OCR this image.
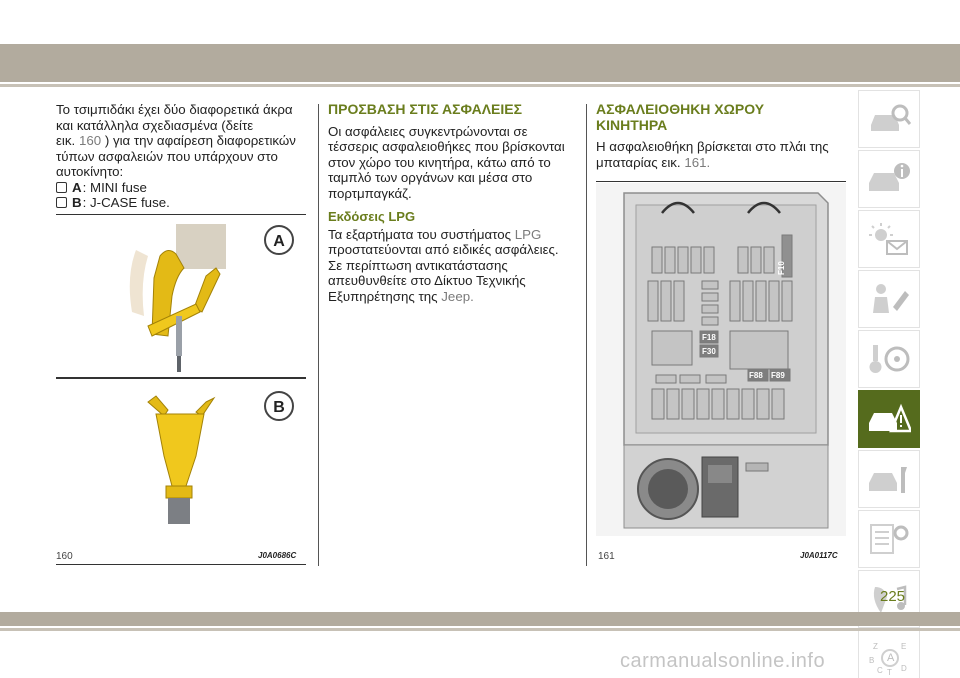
Το τσιμπιδάκι έχει δύο διαφορετικά άκρα
και κατάλληλα σχεδιασμένα (δείτε
εικ. 160 ) για την αφαίρεση διαφορετικών
τύπων ασφαλειών που υπάρχουν στο
αυτοκίνητο:
A : MINI fuse
B : J-CASE fuse.
A
B
160	J0A0686C
ΠΡΟΣΒΑΣΗ ΣΤΙΣ ΑΣΦΑΛΕΙΕΣ
Οι ασφάλειες συγκεντρώνονται σε
τέσσερις ασφαλειοθήκες που βρίσκονται
στον χώρο του κινητήρα, κάτω από το
ταμπλό των οργάνων και μέσα στο
πορτμπαγκάζ.
Εκδόσεις LPG
Τα εξαρτήματα του συστήματος LPG
προστατεύονται από ειδικές ασφάλειες.
Σε περίπτωση αντικατάστασης
απευθυνθείτε στο Δίκτυο Τεχνικής
Εξυπηρέτησης της Jeep.
ΑΣΦΑΛΕΙΟΘΗΚΗ ΧΩΡΟΥ
ΚΙΝΗΤΗΡΑ
Η ασφαλειοθήκη βρίσκεται στο πλάι της
μπαταρίας εικ. 161.
F10
F18
F30
F88 F89
161	J0A0117C
Z	E
A
B
C T D
225
carmanualsonline.info
